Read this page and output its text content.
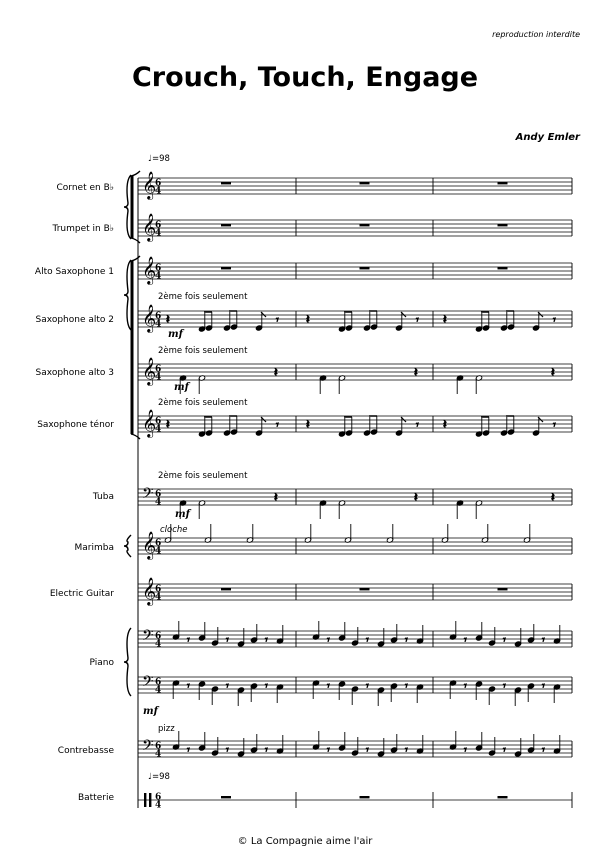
reproduction interdite
Crouch, Touch, Engage
Andy Emler
♩=98
♩=98
Cornet en B♭
Trumpet in B♭
Alto Saxophone 1
Saxophone alto 2
Saxophone alto 3
Saxophone ténor
Tuba
Marimba
Electric Guitar
Piano
Contrebasse
Batterie
2ème fois seulement
2ème fois seulement
2ème fois seulement
2ème fois seulement
cloche
pizz
mf
mf
mf
mf
𝄞
𝄞
𝄞
𝄞
𝄞
𝄞
𝄢
𝄞
𝄞
𝄢
𝄢
𝄢
6
4
6
4
6
4
6
4
6
4
6
4
6
4
6
4
6
4
6
4
6
4
6
4
6
4
𝄽	𝄾 𝄽	𝄾 𝄽	𝄾
𝄽	𝄾 𝄽	𝄾 𝄽	𝄾
𝄽	𝄽	𝄽
𝄽	𝄽	𝄽
𝄾	𝄾	𝄾	𝄾	𝄾	𝄾	𝄾	𝄾	𝄾
𝄾	𝄾	𝄾	𝄾	𝄾	𝄾	𝄾	𝄾	𝄾
𝄾	𝄾	𝄾	𝄾	𝄾	𝄾	𝄾	𝄾	𝄾
© La Compagnie aime l'air
